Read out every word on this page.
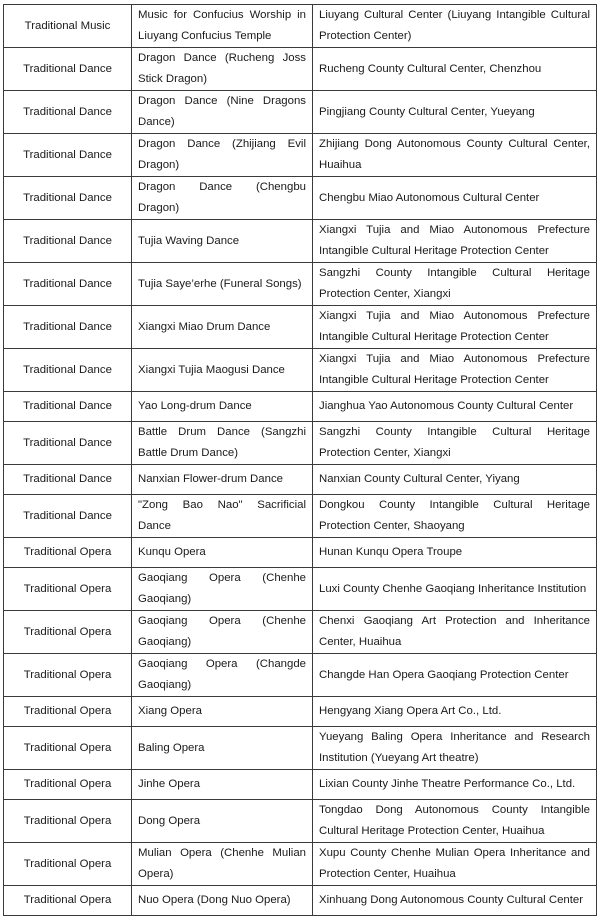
Traditional Music	Music for Confucius Worship in Liuyang Confucius Temple	Liuyang Cultural Center (Liuyang Intangible Cultural Protection Center)
Traditional Dance	Dragon Dance (Rucheng Joss Stick Dragon)	Rucheng County Cultural Center, Chenzhou
Traditional Dance	Dragon Dance (Nine Dragons Dance)	Pingjiang County Cultural Center, Yueyang
Traditional Dance	Dragon Dance (Zhijiang Evil Dragon)	Zhijiang Dong Autonomous County Cultural Center, Huaihua
Traditional Dance	Dragon Dance (Chengbu Dragon)	Chengbu Miao Autonomous Cultural Center
Traditional Dance	Tujia Waving Dance	Xiangxi Tujia and Miao Autonomous Prefecture Intangible Cultural Heritage Protection Center
Traditional Dance	Tujia Saye’erhe (Funeral Songs)	Sangzhi County Intangible Cultural Heritage Protection Center, Xiangxi
Traditional Dance	Xiangxi Miao Drum Dance	Xiangxi Tujia and Miao Autonomous Prefecture Intangible Cultural Heritage Protection Center
Traditional Dance	Xiangxi Tujia Maogusi Dance	Xiangxi Tujia and Miao Autonomous Prefecture Intangible Cultural Heritage Protection Center
Traditional Dance	Yao Long-drum Dance	Jianghua Yao Autonomous County Cultural Center
Traditional Dance	Battle Drum Dance (Sangzhi Battle Drum Dance)	Sangzhi County Intangible Cultural Heritage Protection Center, Xiangxi
Traditional Dance	Nanxian Flower-drum Dance	Nanxian County Cultural Center, Yiyang
Traditional Dance	"Zong Bao Nao" Sacrificial Dance	Dongkou County Intangible Cultural Heritage Protection Center, Shaoyang
Traditional Opera	Kunqu Opera	Hunan Kunqu Opera Troupe
Traditional Opera	Gaoqiang Opera (Chenhe Gaoqiang)	Luxi County Chenhe Gaoqiang Inheritance Institution
Traditional Opera	Gaoqiang Opera (Chenhe Gaoqiang)	Chenxi Gaoqiang Art Protection and Inheritance Center, Huaihua
Traditional Opera	Gaoqiang Opera (Changde Gaoqiang)	Changde Han Opera Gaoqiang Protection Center
Traditional Opera	Xiang Opera	Hengyang Xiang Opera Art Co., Ltd.
Traditional Opera	Baling Opera	Yueyang Baling Opera Inheritance and Research Institution (Yueyang Art theatre)
Traditional Opera	Jinhe Opera	Lixian County Jinhe Theatre Performance Co., Ltd.
Traditional Opera	Dong Opera	Tongdao Dong Autonomous County Intangible Cultural Heritage Protection Center, Huaihua
Traditional Opera	Mulian Opera (Chenhe Mulian Opera)	Xupu County Chenhe Mulian Opera Inheritance and Protection Center, Huaihua
Traditional Opera	Nuo Opera (Dong Nuo Opera)	Xinhuang Dong Autonomous County Cultural Center
